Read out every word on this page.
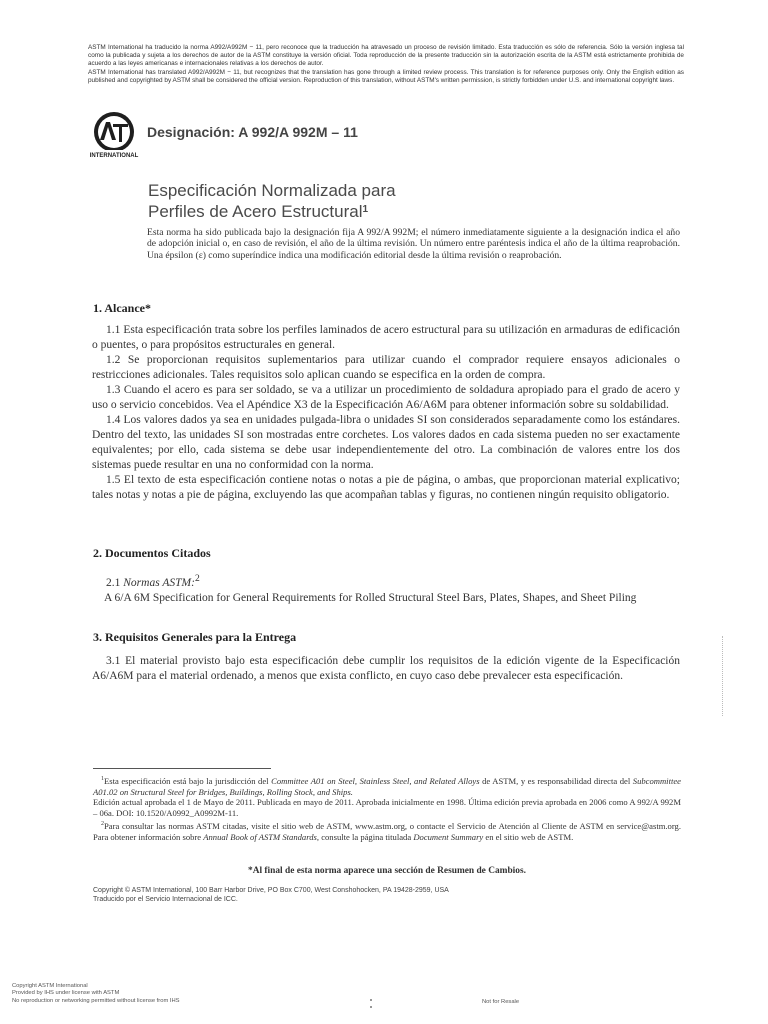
ASTM International ha traducido la norma A992/A992M − 11, pero reconoce que la traducción ha atravesado un proceso de revisión limitado. Esta traducción es sólo de referencia. Sólo la versión inglesa tal como la publicada y sujeta a los derechos de autor de la ASTM constituye la versión oficial. Toda reproducción de la presente traducción sin la autorización escrita de la ASTM está estrictamente prohibida de acuerdo a las leyes americanas e internacionales relativas a los derechos de autor.

ASTM International has translated A992/A992M − 11, but recognizes that the translation has gone through a limited review process. This translation is for reference purposes only. Only the English edition as published and copyrighted by ASTM shall be considered the official version. Reproduction of this translation, without ASTM's written permission, is strictly forbidden under U.S. and international copyright laws.

INTERNATIONAL
Designación: A 992/A 992M – 11
Especificación Normalizada para
Perfiles de Acero Estructural$^1$
Esta norma ha sido publicada bajo la designación fija A 992/A 992M; el número inmediatamente siguiente a la designación indica el año de adopción inicial o, en caso de revisión, el año de la última revisión. Un número entre paréntesis indica el año de la última reaprobación. Una épsilon (ε) como superíndice indica una modificación editorial desde la última revisión o reaprobación.
1. Alcance*

1.1 Esta especificación trata sobre los perfiles laminados de acero estructural para su utilización en armaduras de edificación o puentes, o para propósitos estructurales en general.

1.2 Se proporcionan requisitos suplementarios para utilizar cuando el comprador requiere ensayos adicionales o restricciones adicionales. Tales requisitos solo aplican cuando se especifica en la orden de compra.

1.3 Cuando el acero es para ser soldado, se va a utilizar un procedimiento de soldadura apropiado para el grado de acero y uso o servicio concebidos. Vea el Apéndice X3 de la Especificación A6/A6M para obtener información sobre su soldabilidad.

1.4 Los valores dados ya sea en unidades pulgada-libra o unidades SI son considerados separadamente como los estándares. Dentro del texto, las unidades SI son mostradas entre corchetes. Los valores dados en cada sistema pueden no ser exactamente equivalentes; por ello, cada sistema se debe usar independientemente del otro. La combinación de valores entre los dos sistemas puede resultar en una no conformidad con la norma.

1.5 El texto de esta especificación contiene notas o notas a pie de página, o ambas, que proporcionan material explicativo; tales notas y notas a pie de página, excluyendo las que acompañan tablas y figuras, no contienen ningún requisito obligatorio.

2. Documentos Citados

2.1 Normas ASTM:$^2$

A 6/A 6M Specification for General Requirements for Rolled Structural Steel Bars, Plates, Shapes, and Sheet Piling

3. Requisitos Generales para la Entrega

3.1 El material provisto bajo esta especificación debe cumplir los requisitos de la edición vigente de la Especificación A6/A6M para el material ordenado, a menos que exista conflicto, en cuyo caso debe prevalecer esta especificación.

$^1$Esta especificación está bajo la jurisdicción del Committee A01 on Steel, Stainless Steel, and Related Alloys de ASTM, y es responsabilidad directa del Subcommittee A01.02 on Structural Steel for Bridges, Buildings, Rolling Stock, and Ships.

Edición actual aprobada el 1 de Mayo de 2011. Publicada en mayo de 2011. Aprobada inicialmente en 1998. Última edición previa aprobada en 2006 como A 992/A 992M – 06a. DOI: 10.1520/A0992_A0992M-11.

$^2$Para consultar las normas ASTM citadas, visite el sitio web de ASTM, www.astm.org, o contacte el Servicio de Atención al Cliente de ASTM en service@astm.org. Para obtener información sobre Annual Book of ASTM Standards, consulte la página titulada Document Summary en el sitio web de ASTM.

*Al final de esta norma aparece una sección de Resumen de Cambios.
Copyright © ASTM International, 100 Barr Harbor Drive, PO Box C700, West Conshohocken, PA 19428-2959, USA
Traducido por el Servicio Internacional de ICC.
Copyright ASTM International
Provided by IHS under license with ASTM
No reproduction or networking permitted without license from IHS	Not for Resale
